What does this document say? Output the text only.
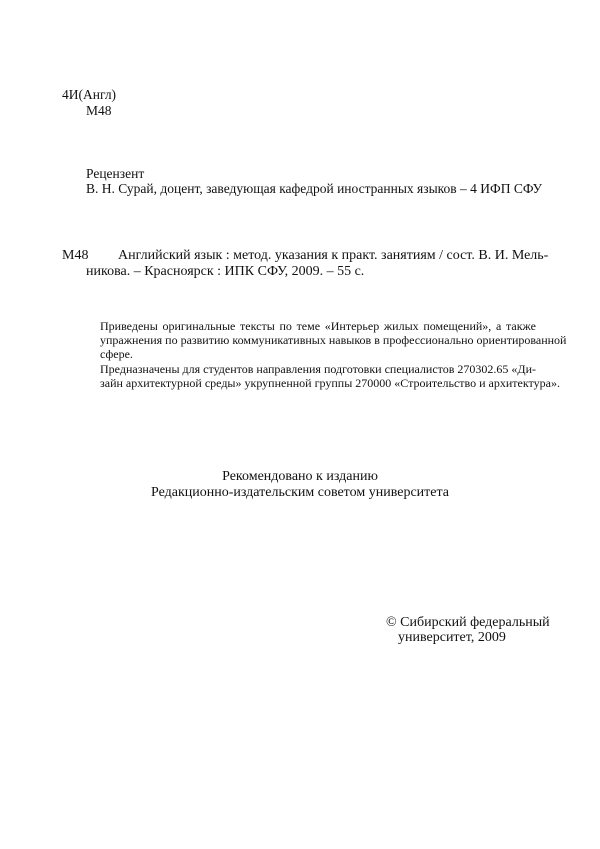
4И(Англ)
М48
Рецензент
В. Н. Сурай, доцент, заведующая кафедрой иностранных языков – 4 ИФП СФУ
М48 Английский язык : метод. указания к практ. занятиям / сост. В. И. Мель-
никова. – Красноярск : ИПК СФУ, 2009. – 55 с.
Приведены оригинальные тексты по теме «Интерьер жилых помещений», а также
упражнения по развитию коммуникативных навыков в профессионально ориентированной
сфере.
Предназначены для студентов направления подготовки специалистов 270302.65 «Ди-
зайн архитектурной среды» укрупненной группы 270000 «Строительство и архитектура».
Рекомендовано к изданию
Редакционно-издательским советом университета
© Сибирский федеральный
университет, 2009
